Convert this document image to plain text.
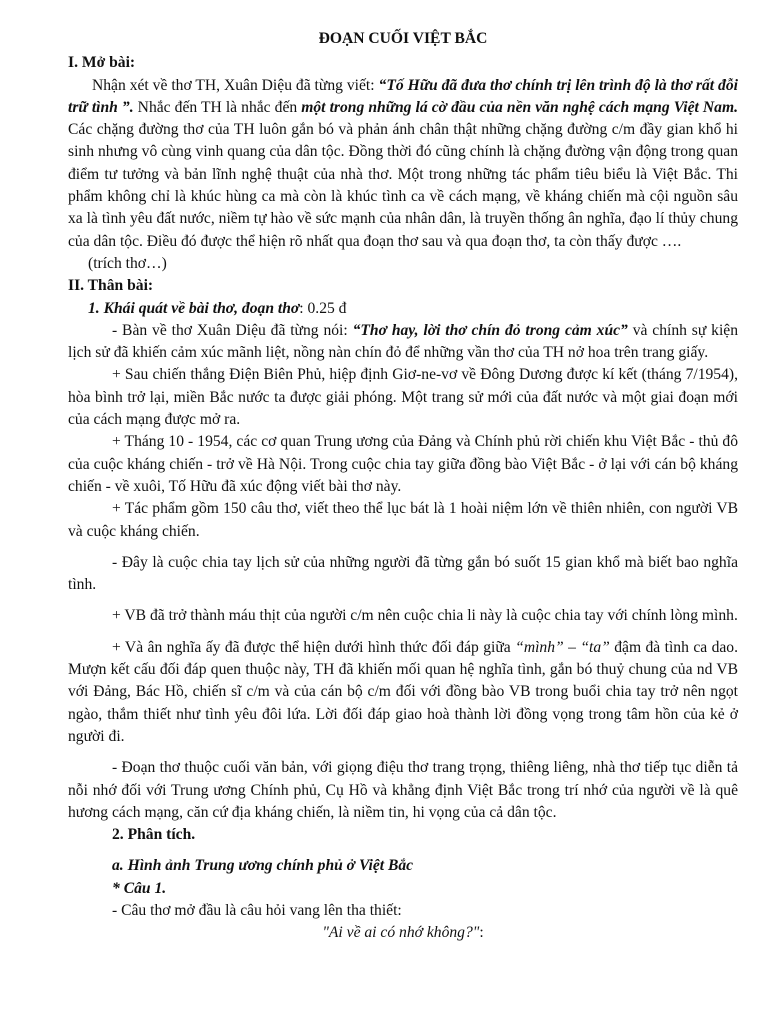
ĐOẠN CUỐI VIỆT BẮC

I. Mở bài:

Nhận xét về thơ TH, Xuân Diệu đã từng viết: “Tố Hữu đã đưa thơ chính trị lên trình độ là thơ rất đỗi trữ tình ”. Nhắc đến TH là nhắc đến một trong những lá cờ đầu của nền văn nghệ cách mạng Việt Nam. Các chặng đường thơ của TH luôn gắn bó và phản ánh chân thật những chặng đường c/m đầy gian khổ hi sinh nhưng vô cùng vinh quang của dân tộc. Đồng thời đó cũng chính là chặng đường vận động trong quan điểm tư tưởng và bản lĩnh nghệ thuật của nhà thơ. Một trong những tác phẩm tiêu biểu là Việt Bắc. Thi phẩm không chỉ là khúc hùng ca mà còn là khúc tình ca về cách mạng, về kháng chiến mà cội nguồn sâu xa là tình yêu đất nước, niềm tự hào về sức mạnh của nhân dân, là truyền thống ân nghĩa, đạo lí thủy chung của dân tộc. Điều đó được thể hiện rõ nhất qua đoạn thơ sau và qua đoạn thơ, ta còn thấy được ….

(trích thơ…)

II. Thân bài:

1. Khái quát về bài thơ, đoạn thơ: 0.25 đ

- Bàn về thơ Xuân Diệu đã từng nói: “Thơ hay, lời thơ chín đỏ trong cảm xúc” và chính sự kiện lịch sử đã khiến cảm xúc mãnh liệt, nồng nàn chín đỏ để những vần thơ của TH nở hoa trên trang giấy.

+ Sau chiến thắng Điện Biên Phủ, hiệp định Giơ-ne-vơ về Đông Dương được kí kết (tháng 7/1954), hòa bình trở lại, miền Bắc nước ta được giải phóng. Một trang sử mới của đất nước và một giai đoạn mới của cách mạng được mở ra.

+ Tháng 10 - 1954, các cơ quan Trung ương của Đảng và Chính phủ rời chiến khu Việt Bắc - thủ đô của cuộc kháng chiến - trở về Hà Nội. Trong cuộc chia tay giữa đồng bào Việt Bắc - ở lại với cán bộ kháng chiến - về xuôi, Tố Hữu đã xúc động viết bài thơ này.

+ Tác phẩm gồm 150 câu thơ, viết theo thể lục bát là 1 hoài niệm lớn về thiên nhiên, con người VB và cuộc kháng chiến.

- Đây là cuộc chia tay lịch sử của những người đã từng gắn bó suốt 15 gian khổ mà biết bao nghĩa tình.

+ VB đã trở thành máu thịt của người c/m nên cuộc chia li này là cuộc chia tay với chính lòng mình.

+ Và ân nghĩa ấy đã được thể hiện dưới hình thức đối đáp giữa “mình” – “ta” đậm đà tình ca dao. Mượn kết cấu đối đáp quen thuộc này, TH đã khiến mối quan hệ nghĩa tình, gắn bó thuỷ chung của nd VB với Đảng, Bác Hồ, chiến sĩ c/m và của cán bộ c/m đối với đồng bào VB trong buổi chia tay trở nên ngọt ngào, thắm thiết như tình yêu đôi lứa. Lời đối đáp giao hoà thành lời đồng vọng trong tâm hồn của kẻ ở người đi.

- Đoạn thơ thuộc cuối văn bản, với giọng điệu thơ trang trọng, thiêng liêng, nhà thơ tiếp tục diễn tả nỗi nhớ đối với Trung ương Chính phủ, Cụ Hồ và khẳng định Việt Bắc trong trí nhớ của người về là quê hương cách mạng, căn cứ địa kháng chiến, là niềm tin, hi vọng của cả dân tộc.

2. Phân tích.

a. Hình ảnh Trung ương chính phủ ở Việt Bắc

* Câu 1.

- Câu thơ mở đầu là câu hỏi vang lên tha thiết:

"Ai về ai có nhớ không?":
